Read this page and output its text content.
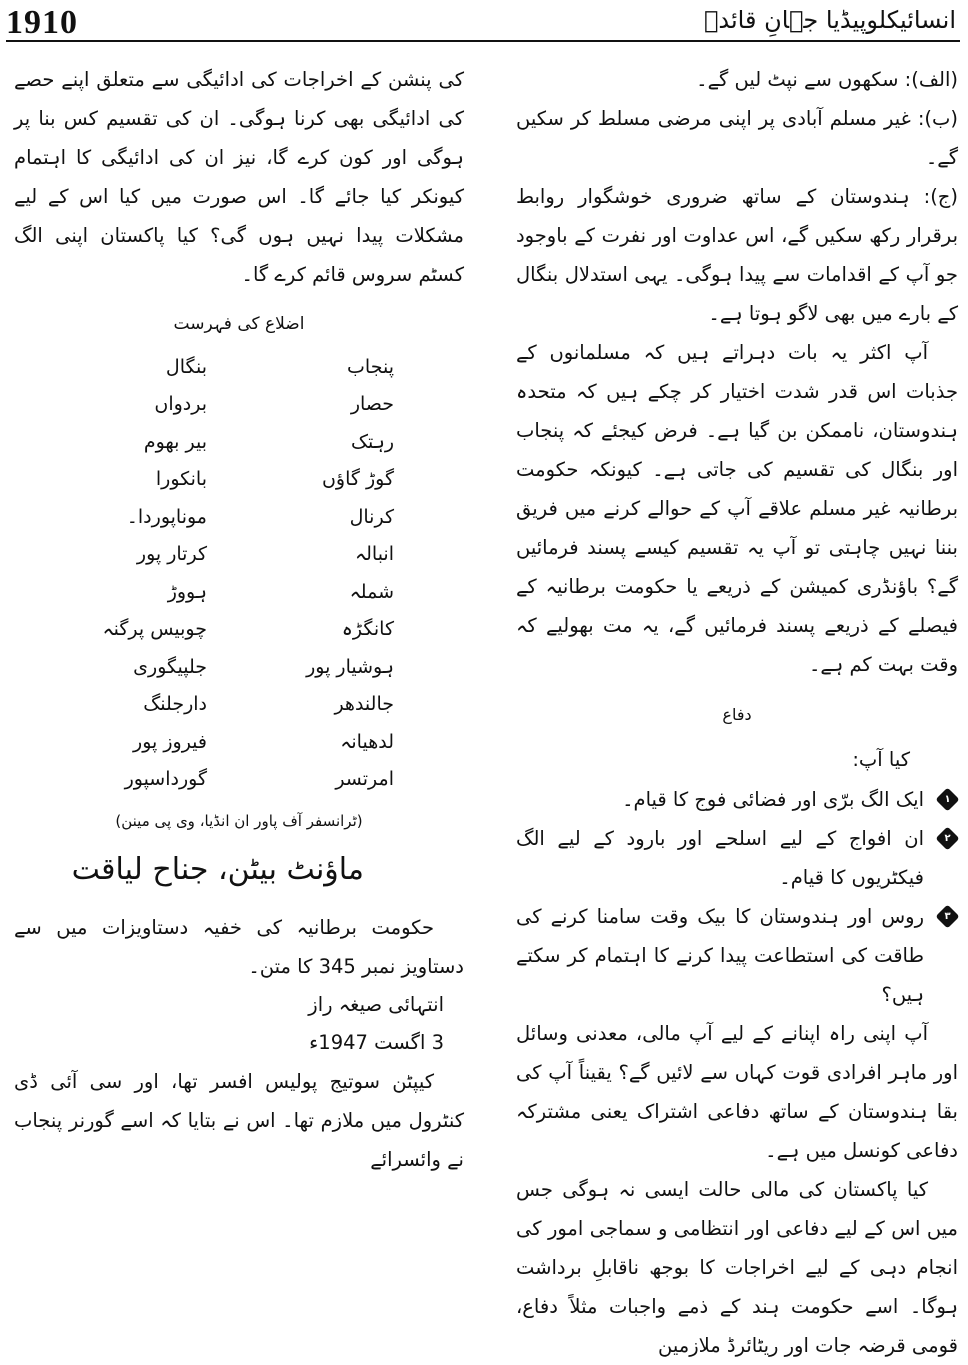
1910	انسائیکلوپیڈیا جہانِ قائدؒ

(الف): سکھوں سے نپٹ لیں گے۔

(ب): غیر مسلم آبادی پر اپنی مرضی مسلط کر سکیں گے۔

(ج): ہندوستان کے ساتھ ضروری خوشگوار روابط برقرار رکھ سکیں گے، اس عداوت اور نفرت کے باوجود جو آپ کے اقدامات سے پیدا ہوگی۔ یہی استدلال بنگال کے بارے میں بھی لاگو ہوتا ہے۔

آپ اکثر یہ بات دہراتے ہیں کہ مسلمانوں کے جذبات اس قدر شدت اختیار کر چکے ہیں کہ متحدہ ہندوستان، ناممکن بن گیا ہے۔ فرض کیجئے کہ پنجاب اور بنگال کی تقسیم کی جاتی ہے۔ کیونکہ حکومت برطانیہ غیر مسلم علاقے آپ کے حوالے کرنے میں فریق بننا نہیں چاہتی تو آپ یہ تقسیم کیسے پسند فرمائیں گے؟ باؤنڈری کمیشن کے ذریعے یا حکومت برطانیہ کے فیصلے کے ذریعے پسند فرمائیں گے، یہ مت بھولیے کہ وقت بہت کم ہے۔

دفاع

کیا آپ:

۱
ایک الگ برّی اور فضائی فوج کا قیام۔

۲
ان افواج کے لیے اسلحے اور بارود کے لیے الگ فیکٹریوں کا قیام۔

۳
روس اور ہندوستان کا بیک وقت سامنا کرنے کی طاقت کی استطاعت پیدا کرنے کا اہتمام کر سکتے ہیں؟

آپ اپنی راہ اپنانے کے لیے آپ مالی، معدنی وسائل اور ماہر افرادی قوت کہاں سے لائیں گے؟ یقیناً آپ کی بقا ہندوستان کے ساتھ دفاعی اشتراک یعنی مشترکہ دفاعی کونسل میں ہے۔

کیا پاکستان کی مالی حالت ایسی نہ ہوگی جس میں اس کے لیے دفاعی اور انتظامی و سماجی امور کی انجام دہی کے لیے اخراجات کا بوجھ ناقابلِ برداشت ہوگا۔ اسے حکومت ہند کے ذمے واجبات مثلاً دفاع، قومی قرضہ جات اور ریٹائرڈ ملازمین

کی پنشن کے اخراجات کی ادائیگی سے متعلق اپنے حصے کی ادائیگی بھی کرنا ہوگی۔ ان کی تقسیم کس بنا پر ہوگی اور کون کرے گا، نیز ان کی ادائیگی کا اہتمام کیونکر کیا جائے گا۔ اس صورت میں کیا اس کے لیے مشکلات پیدا نہیں ہوں گی؟ کیا پاکستان اپنی الگ کسٹم سروس قائم کرے گا۔

اضلاع کی فہرست
پنجاب	بنگال
حصار	بردواں
رہتک	بیر بھوم
گوڑ گاؤں	بانکورا
کرنال	موناپوردا۔
انبالہ	کرتار پور
شملہ	ہووڑ
کانگڑہ	چوبیس پرگنہ
ہوشیار پور	جلپیگوری
جالندھر	دارجلنگ
لدھیانہ	فیروز پور
امرتسر	گورداسپور
(ٹرانسفر آف پاور ان انڈیا، وی پی مینن)
ماؤنٹ بیٹن، جناح لیاقت

حکومت برطانیہ کی خفیہ دستاویزات میں سے دستاویز نمبر 345 کا متن۔

انتہائی صیغہ راز

3 اگست 1947ء

کیپٹن سوتیج پولیس افسر تھا، اور سی آئی ڈی کنٹرول میں ملازم تھا۔ اس نے بتایا کہ اسے گورنر پنجاب نے وائسرائے
